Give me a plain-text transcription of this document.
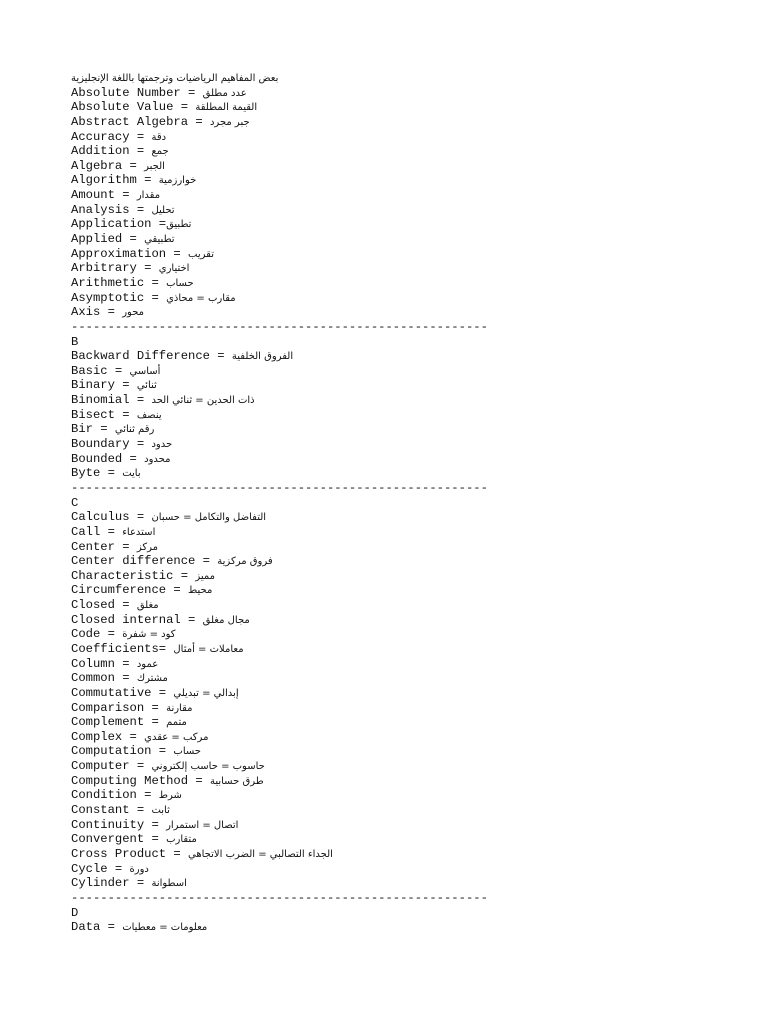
بعض المفاهيم الرياضيات وترجمتها باللغة الإنجليزية
Absolute Number = عدد مطلق
Absolute Value = القيمة المطلقة
Abstract Algebra = جبر مجرد
Accuracy = دقة
Addition = جمع
Algebra = الجبر
Algorithm = خوارزمية
Amount = مقدار
Analysis = تحليل
Application =تطبيق
Applied = تطبيقي
Approximation = تقريب
Arbitrary = اختياري
Arithmetic = حساب
Asymptotic = مقارب = محاذي
Axis = محور
---------------------------------------------------------
B
Backward Difference = الفروق الخلفية
Basic = أساسي
Binary = ثنائي
Binomial = ذات الحدين = ثنائي الحد
Bisect = ينصف
Bir = رقم ثنائي
Boundary = حدود
Bounded = محدود
Byte = بايت
---------------------------------------------------------
C
Calculus = التفاضل والتكامل = حسبان
Call = استدعاء
Center = مركز
Center difference = فروق مركزية
Characteristic = مميز
Circumference = محيط
Closed = مغلق
Closed internal = مجال مغلق
Code = كود = شفرة
Coefficients= معاملات = أمثال
Column = عمود
Common = مشترك
Commutative = إبدالي = تبديلي
Comparison = مقارنة
Complement = متمم
Complex = مركب = عقدي
Computation = حساب
Computer = حاسوب = حاسب إلكتروني
Computing Method = طرق حسابية
Condition = شرط
Constant = ثابت
Continuity = اتصال = استمرار
Convergent = متقارب
Cross Product = الجداء التصالبي = الضرب الاتجاهي
Cycle = دورة
Cylinder = اسطوانة
---------------------------------------------------------
D
Data = معلومات = معطيات
